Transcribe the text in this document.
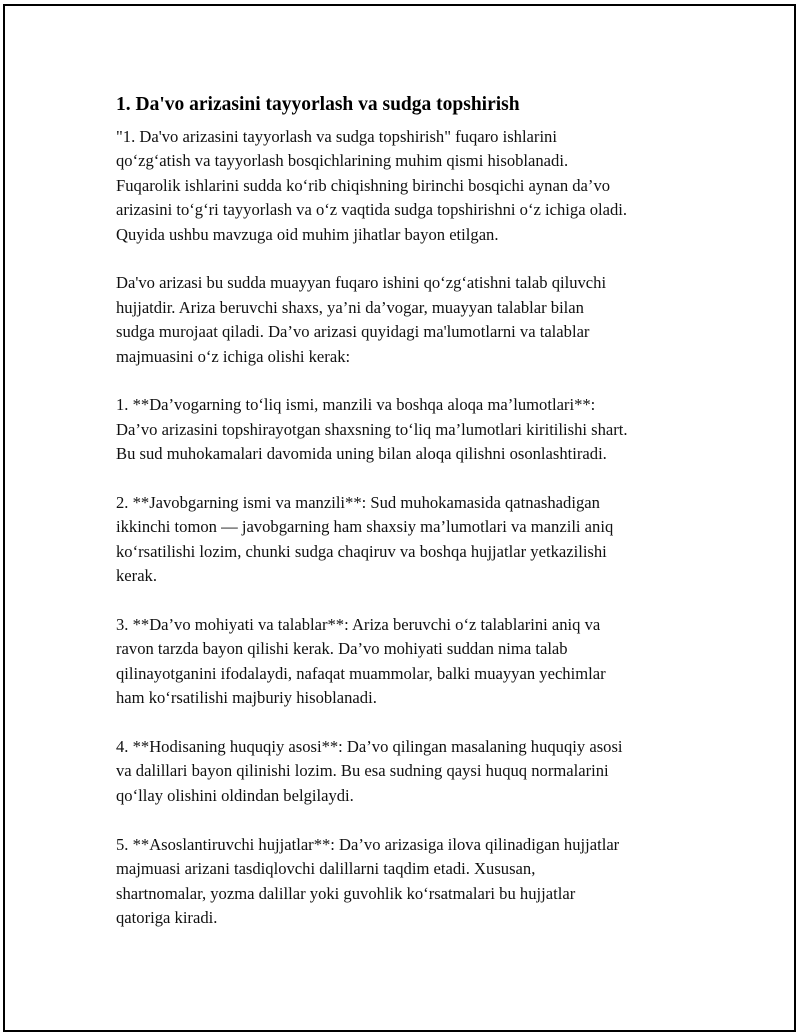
1. Da'vo arizasini tayyorlash va sudga topshirish
"1. Da'vo arizasini tayyorlash va sudga topshirish" fuqaro ishlarini
qo‘zg‘atish va tayyorlash bosqichlarining muhim qismi hisoblanadi.
Fuqarolik ishlarini sudda ko‘rib chiqishning birinchi bosqichi aynan da’vo
arizasini to‘g‘ri tayyorlash va o‘z vaqtida sudga topshirishni o‘z ichiga oladi.
Quyida ushbu mavzuga oid muhim jihatlar bayon etilgan.
Da'vo arizasi bu sudda muayyan fuqaro ishini qo‘zg‘atishni talab qiluvchi
hujjatdir. Ariza beruvchi shaxs, ya’ni da’vogar, muayyan talablar bilan
sudga murojaat qiladi. Da’vo arizasi quyidagi ma'lumotlarni va talablar
majmuasini o‘z ichiga olishi kerak:
1. **Da’vogarning to‘liq ismi, manzili va boshqa aloqa ma’lumotlari**:
Da’vo arizasini topshirayotgan shaxsning to‘liq ma’lumotlari kiritilishi shart.
Bu sud muhokamalari davomida uning bilan aloqa qilishni osonlashtiradi.
2. **Javobgarning ismi va manzili**: Sud muhokamasida qatnashadigan
ikkinchi tomon — javobgarning ham shaxsiy ma’lumotlari va manzili aniq
ko‘rsatilishi lozim, chunki sudga chaqiruv va boshqa hujjatlar yetkazilishi
kerak.
3. **Da’vo mohiyati va talablar**: Ariza beruvchi o‘z talablarini aniq va
ravon tarzda bayon qilishi kerak. Da’vo mohiyati suddan nima talab
qilinayotganini ifodalaydi, nafaqat muammolar, balki muayyan yechimlar
ham ko‘rsatilishi majburiy hisoblanadi.
4. **Hodisaning huquqiy asosi**: Da’vo qilingan masalaning huquqiy asosi
va dalillari bayon qilinishi lozim. Bu esa sudning qaysi huquq normalarini
qo‘llay olishini oldindan belgilaydi.
5. **Asoslantiruvchi hujjatlar**: Da’vo arizasiga ilova qilinadigan hujjatlar
majmuasi arizani tasdiqlovchi dalillarni taqdim etadi. Xususan,
shartnomalar, yozma dalillar yoki guvohlik ko‘rsatmalari bu hujjatlar
qatoriga kiradi.
